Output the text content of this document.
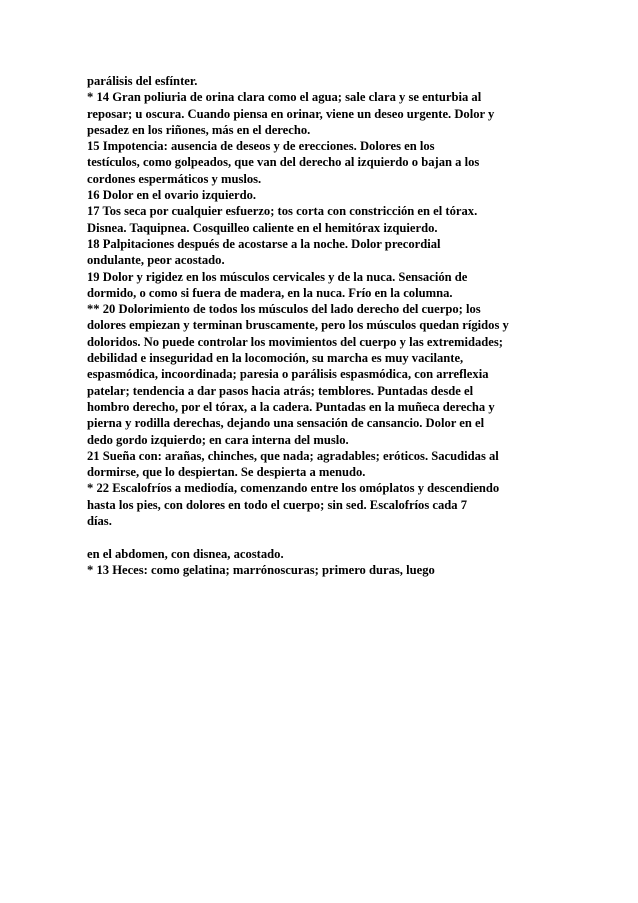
parálisis del esfínter.
* 14 Gran poliuria de orina clara como el agua; sale clara y se enturbia al
reposar; u oscura. Cuando piensa en orinar, viene un deseo urgente. Dolor y
pesadez en los riñones, más en el derecho.
15 Impotencia: ausencia de deseos y de erecciones. Dolores en los
testículos, como golpeados, que van del derecho al izquierdo o bajan a los
cordones espermáticos y muslos.
16 Dolor en el ovario izquierdo.
17 Tos seca por cualquier esfuerzo; tos corta con constricción en el tórax.
Disnea. Taquipnea. Cosquilleo caliente en el hemitórax izquierdo.
18 Palpitaciones después de acostarse a la noche. Dolor precordial
ondulante, peor acostado.
19 Dolor y rigidez en los músculos cervicales y de la nuca. Sensación de
dormido, o como si fuera de madera, en la nuca. Frío en la columna.
** 20 Dolorimiento de todos los músculos del lado derecho del cuerpo; los
dolores empiezan y terminan bruscamente, pero los músculos quedan rígidos y
doloridos. No puede controlar los movimientos del cuerpo y las extremidades;
debilidad e inseguridad en la locomoción, su marcha es muy vacilante,
espasmódica, incoordinada; paresia o parálisis espasmódica, con arreflexia
patelar; tendencia a dar pasos hacia atrás; temblores. Puntadas desde el
hombro derecho, por el tórax, a la cadera. Puntadas en la muñeca derecha y
pierna y rodilla derechas, dejando una sensación de cansancio. Dolor en el
dedo gordo izquierdo; en cara interna del muslo.
21 Sueña con: arañas, chinches, que nada; agradables; eróticos. Sacudidas al
dormirse, que lo despiertan. Se despierta a menudo.
* 22 Escalofríos a mediodía, comenzando entre los omóplatos y descendiendo
hasta los pies, con dolores en todo el cuerpo; sin sed. Escalofríos cada 7
días.
en el abdomen, con disnea, acostado.
* 13 Heces: como gelatina; marrónoscuras; primero duras, luego
